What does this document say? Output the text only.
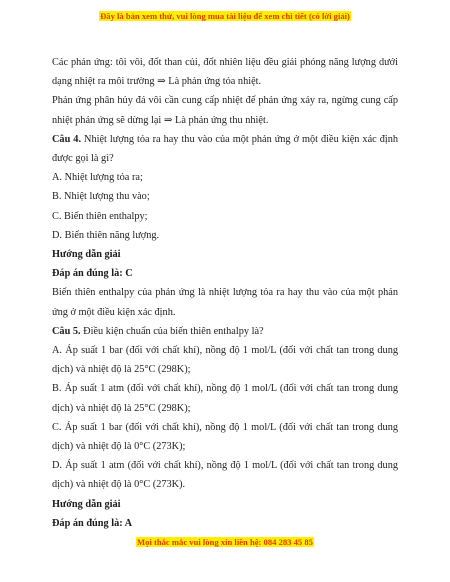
Đây là bản xem thử, vui lòng mua tài liệu để xem chi tiết (có lời giải)

Các phản ứng: tôi vôi, đốt than củi, đốt nhiên liệu đều giải phóng năng lượng dưới dạng nhiệt ra môi trường ⇒ Là phản ứng tỏa nhiệt.

Phản ứng phân hủy đá vôi cần cung cấp nhiệt để phản ứng xảy ra, ngừng cung cấp nhiệt phản ứng sẽ dừng lại ⇒ Là phản ứng thu nhiệt.

Câu 4. Nhiệt lượng tỏa ra hay thu vào của một phản ứng ở một điều kiện xác định được gọi là gì?

A. Nhiệt lượng tỏa ra;

B. Nhiệt lượng thu vào;

C. Biến thiên enthalpy;

D. Biến thiên năng lượng.

Hướng dẫn giải

Đáp án đúng là: C

Biến thiên enthalpy của phản ứng là nhiệt lượng tỏa ra hay thu vào của một phản ứng ở một điều kiện xác định.

Câu 5. Điều kiện chuẩn của biến thiên enthalpy là?

A. Áp suất 1 bar (đối với chất khí), nồng độ 1 mol/L (đối với chất tan trong dung dịch) và nhiệt độ là 25°C (298K);

B. Áp suất 1 atm (đối với chất khí), nồng độ 1 mol/L (đối với chất tan trong dung dịch) và nhiệt độ là 25°C (298K);

C. Áp suất 1 bar (đối với chất khí), nồng độ 1 mol/L (đối với chất tan trong dung dịch) và nhiệt độ là 0°C (273K);

D. Áp suất 1 atm (đối với chất khí), nồng độ 1 mol/L (đối với chất tan trong dung dịch) và nhiệt độ là 0°C (273K).

Hướng dẫn giải

Đáp án đúng là: A

Mọi thắc mắc vui lòng xin liên hệ: 084 283 45 85
